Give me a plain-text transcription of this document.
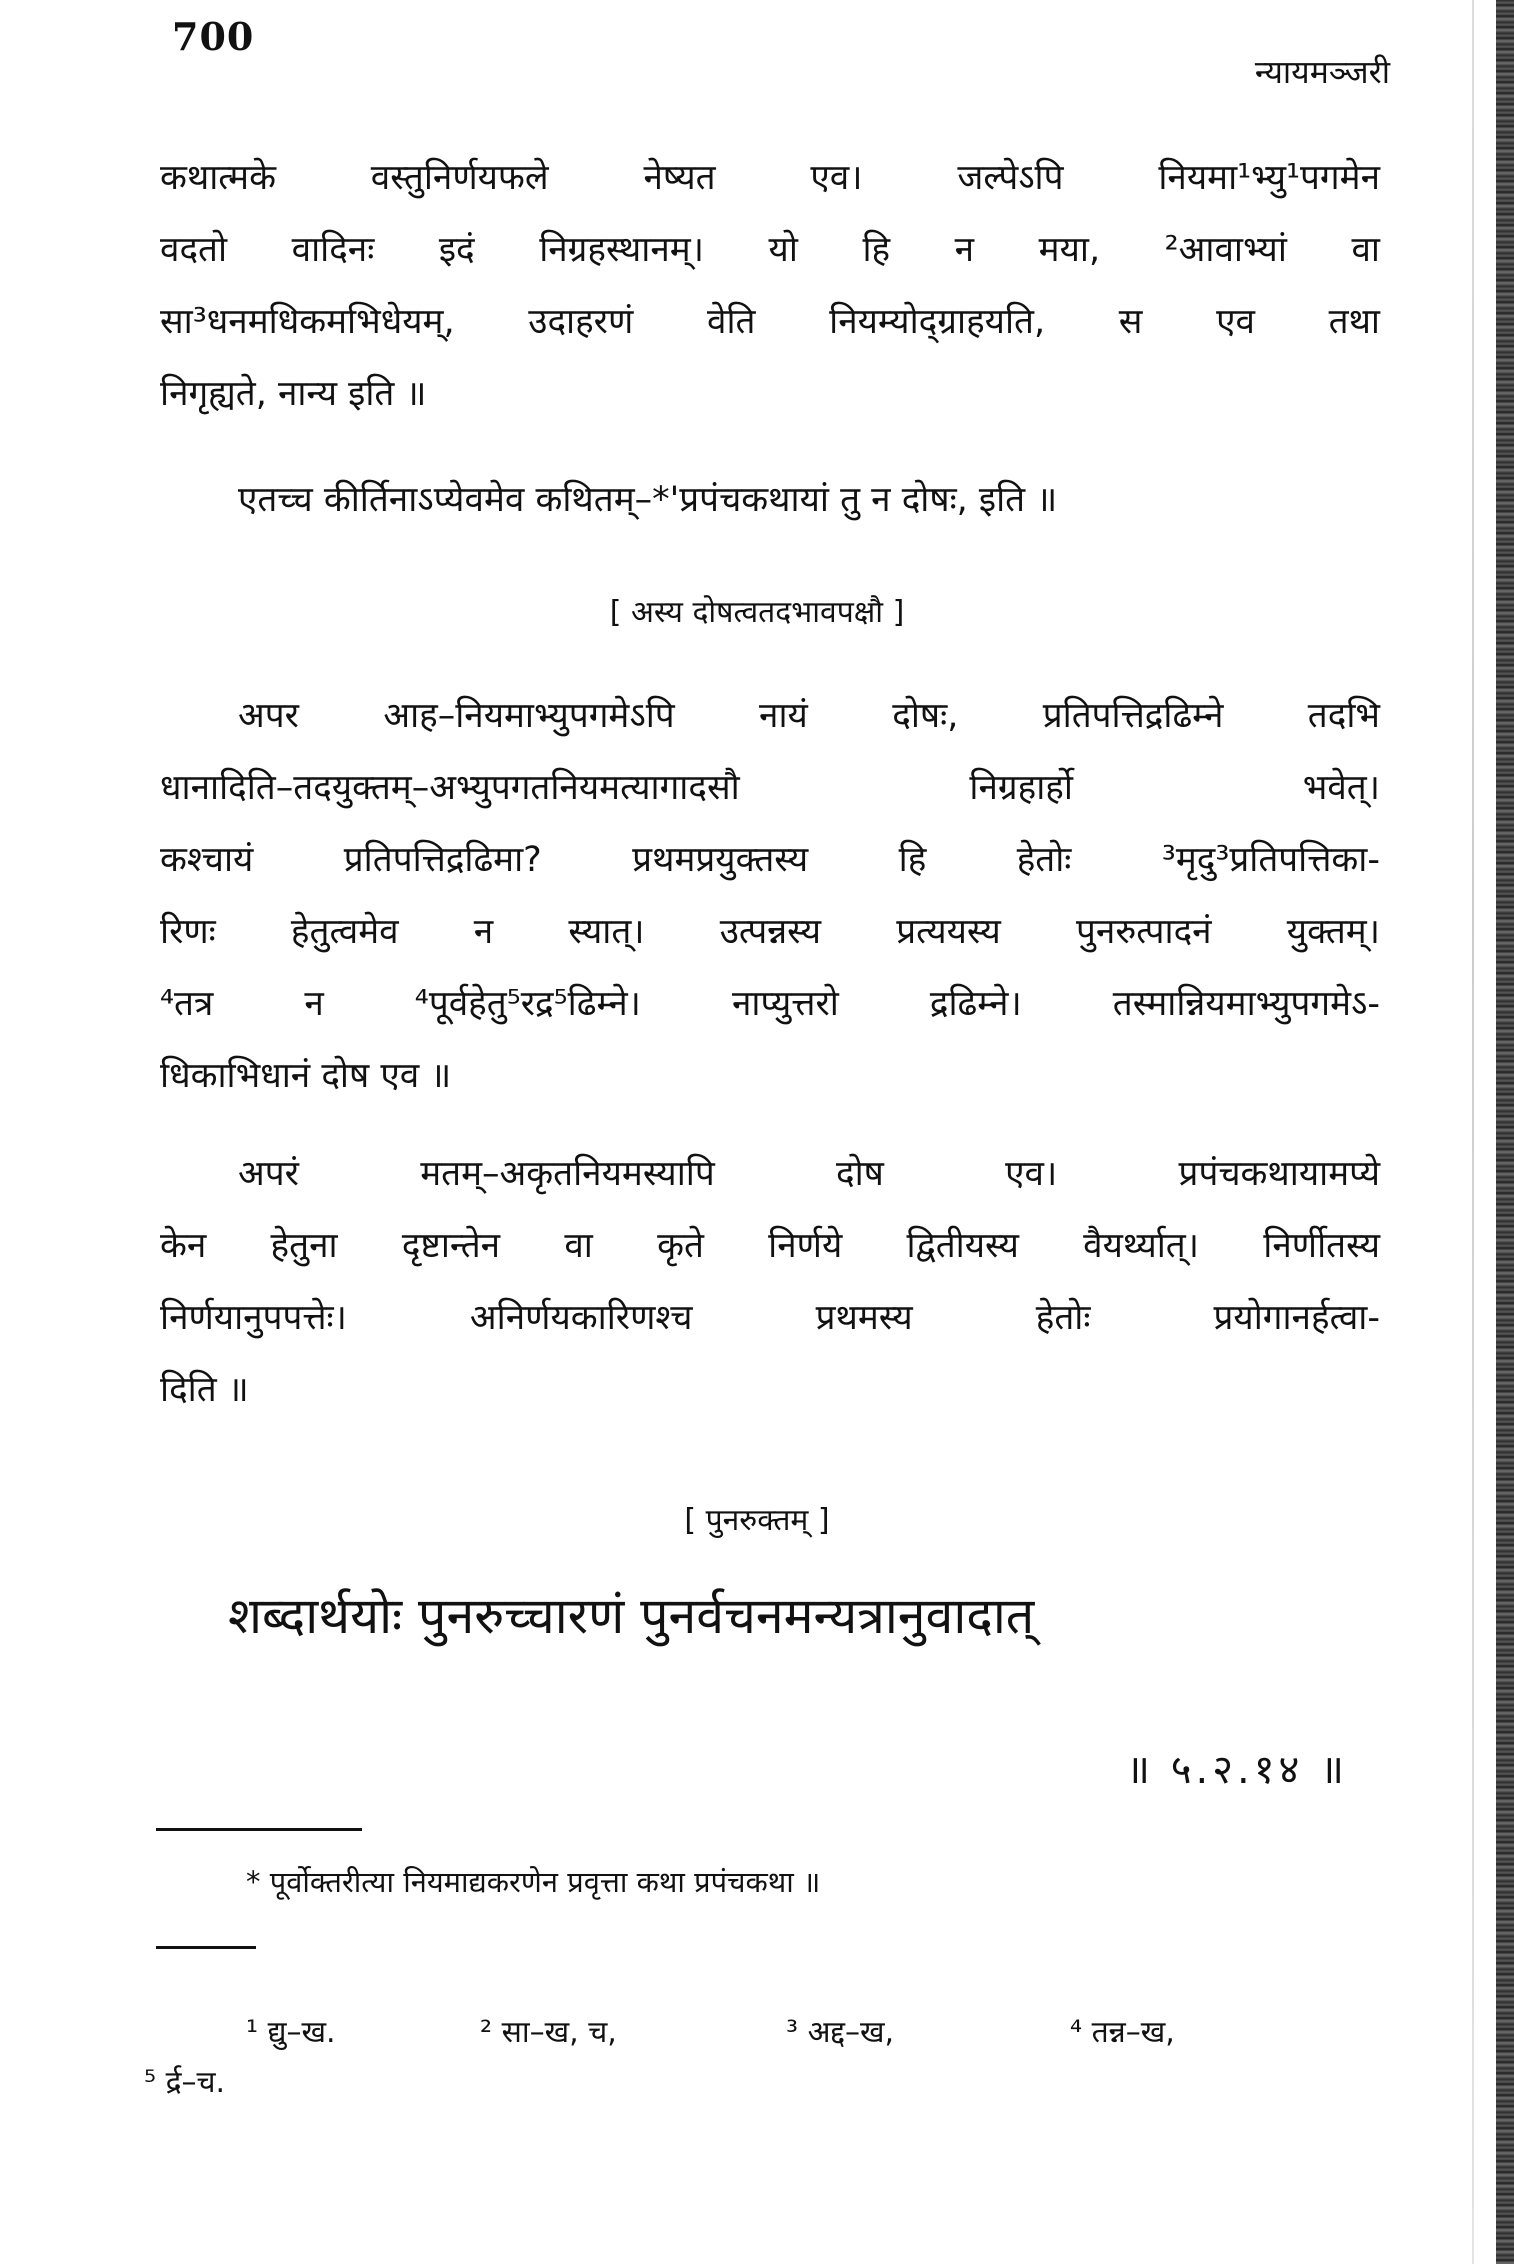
700
न्यायमञ्जरी
कथात्मके वस्तुनिर्णयफले नेष्यत एव। जल्पेऽपि नियमा¹भ्यु¹पगमेन
वदतो वादिनः इदं निग्रहस्थानम्। यो हि न मया, ²आवाभ्यां वा
सा³धनमधिकमभिधेयम्, उदाहरणं वेति नियम्योद्ग्राहयति, स एव तथा
निगृह्यते, नान्य इति ॥
एतच्च कीर्तिनाऽप्येवमेव कथितम्–*'प्रपंचकथायां तु न दोषः, इति ॥
[ अस्य दोषत्वतदभावपक्षौ ]
अपर आह–नियमाभ्युपगमेऽपि नायं दोषः, प्रतिपत्तिद्रढिम्ने तदभि
धानादिति–तदयुक्तम्–अभ्युपगतनियमत्यागादसौ निग्रहार्हो भवेत्।
कश्चायं प्रतिपत्तिद्रढिमा? प्रथमप्रयुक्तस्य हि हेतोः ³मृदु³प्रतिपत्तिका-
रिणः हेतुत्वमेव न स्यात्। उत्पन्नस्य प्रत्ययस्य पुनरुत्पादनं युक्तम्।
⁴तत्र न ⁴पूर्वहेतु⁵रद्र⁵ढिम्ने। नाप्युत्तरो द्रढिम्ने। तस्मान्नियमाभ्युपगमेऽ-
धिकाभिधानं दोष एव ॥
अपरं मतम्–अकृतनियमस्यापि दोष एव। प्रपंचकथायामप्ये
केन हेतुना दृष्टान्तेन वा कृते निर्णये द्वितीयस्य वैयर्थ्यात्। निर्णीतस्य
निर्णयानुपपत्तेः। अनिर्णयकारिणश्च प्रथमस्य हेतोः प्रयोगानर्हत्वा-
दिति ॥
[ पुनरुक्तम् ]
शब्दार्थयोः पुनरुच्चारणं पुनर्वचनमन्यत्रानुवादात्
॥ ५.२.१४ ॥
* पूर्वोक्तरीत्या नियमाद्यकरणेन प्रवृत्ता कथा प्रपंचकथा ॥
¹ द्यु–ख.	² सा–ख, च,	³ अद्द–ख,	⁴ तन्न–ख,
⁵ र्द्र–च.
